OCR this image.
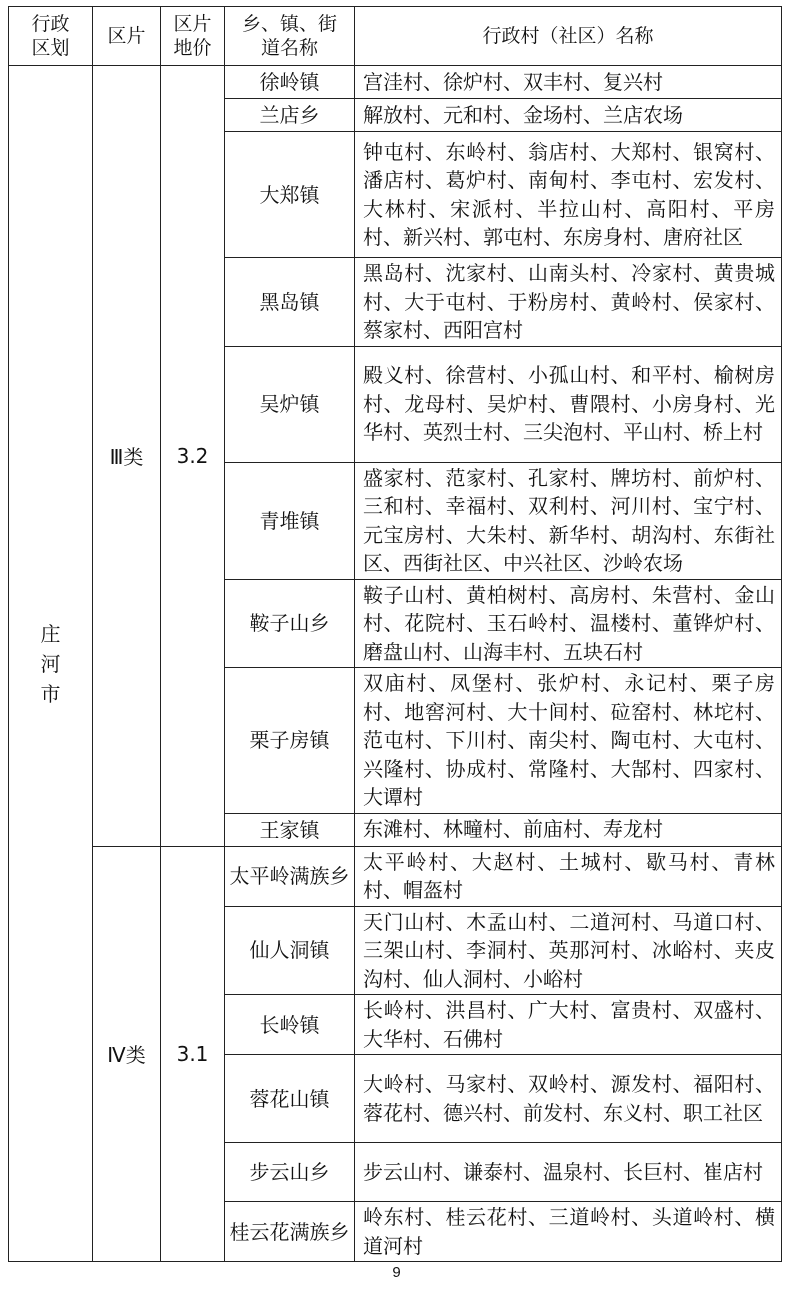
行政区划	区片	区片地价	乡、镇、街道名称	行政村（社区）名称
庄河市	Ⅲ类	3.2	徐岭镇	宫洼村、徐炉村、双丰村、复兴村
			兰店乡	解放村、元和村、金场村、兰店农场
			大郑镇	钟屯村、东岭村、翁店村、大郑村、银窝村、潘店村、葛炉村、南甸村、李屯村、宏发村、大林村、宋派村、半拉山村、高阳村、平房村、新兴村、郭屯村、东房身村、唐府社区
			黑岛镇	黑岛村、沈家村、山南头村、冷家村、黄贵城村、大于屯村、于粉房村、黄岭村、侯家村、蔡家村、西阳宫村
			吴炉镇	殿义村、徐营村、小孤山村、和平村、榆树房村、龙母村、吴炉村、曹隈村、小房身村、光华村、英烈士村、三尖泡村、平山村、桥上村
			青堆镇	盛家村、范家村、孔家村、牌坊村、前炉村、三和村、幸福村、双利村、河川村、宝宁村、元宝房村、大朱村、新华村、胡沟村、东街社区、西街社区、中兴社区、沙岭农场
			鞍子山乡	鞍子山村、黄柏树村、高房村、朱营村、金山村、花院村、玉石岭村、温楼村、董铧炉村、磨盘山村、山海丰村、五块石村
			栗子房镇	双庙村、凤堡村、张炉村、永记村、栗子房村、地窖河村、大十间村、砬窑村、林坨村、范屯村、下川村、南尖村、陶屯村、大屯村、兴隆村、协成村、常隆村、大郜村、四家村、大谭村
			王家镇	东滩村、林疃村、前庙村、寿龙村
	Ⅳ类	3.1	太平岭满族乡	太平岭村、大赵村、土城村、歇马村、青林村、帽盔村
			仙人洞镇	天门山村、木孟山村、二道河村、马道口村、三架山村、李洞村、英那河村、冰峪村、夹皮沟村、仙人洞村、小峪村
			长岭镇	长岭村、洪昌村、广大村、富贵村、双盛村、大华村、石佛村
			蓉花山镇	大岭村、马家村、双岭村、源发村、福阳村、蓉花村、德兴村、前发村、东义村、职工社区
			步云山乡	步云山村、谦泰村、温泉村、长巨村、崔店村
			桂云花满族乡	岭东村、桂云花村、三道岭村、头道岭村、横道河村
9
